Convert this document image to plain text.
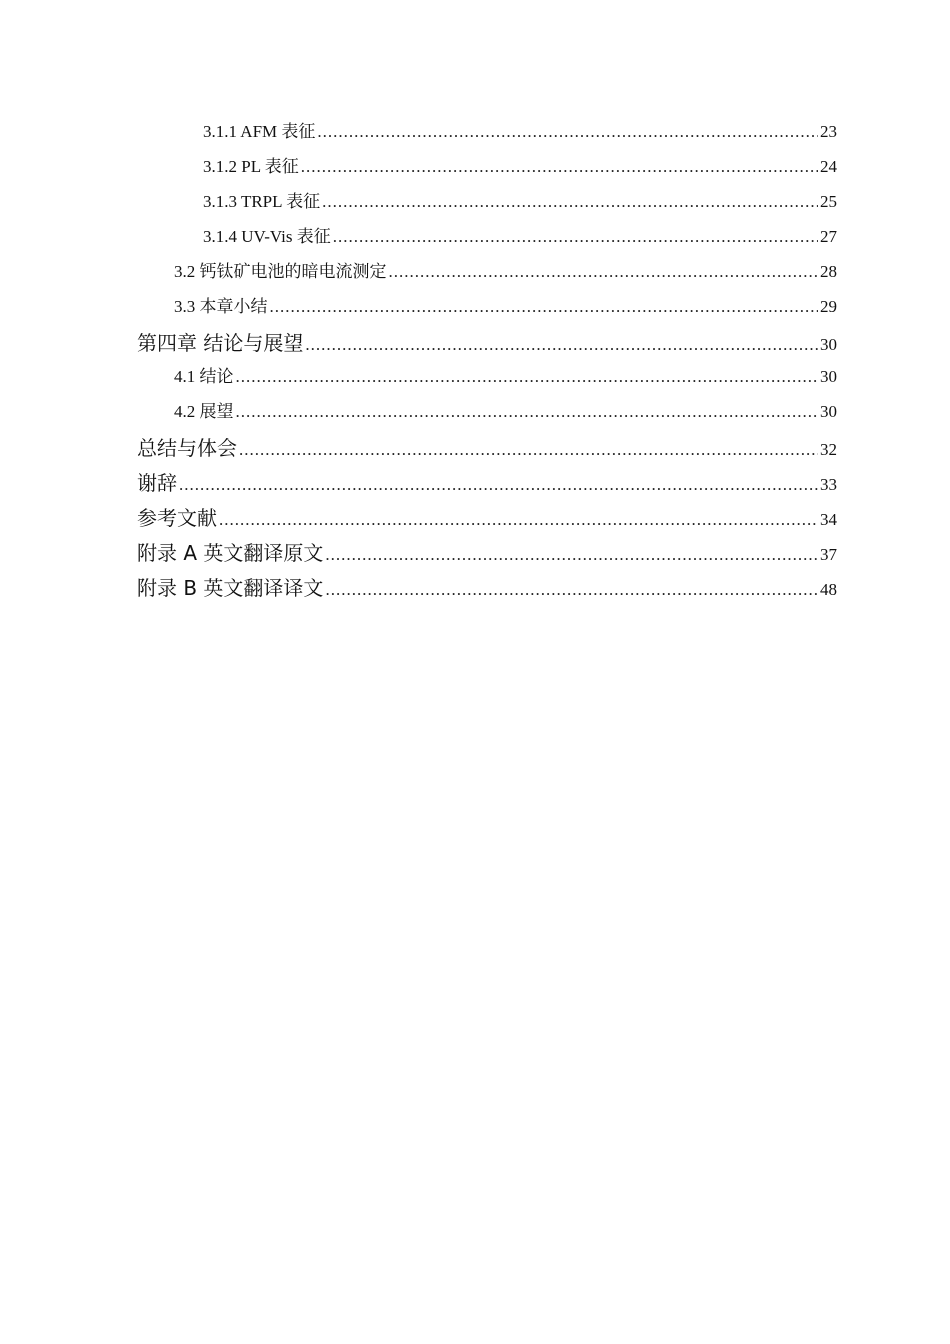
3.1.1 AFM 表征 .....	23
3.1.2 PL 表征 .....	24
3.1.3 TRPL 表征 .....	25
3.1.4 UV-Vis 表征 .....	27
3.2 钙钛矿电池的暗电流测定 .....	28
3.3 本章小结 .....	29
第四章 结论与展望 .....	30
4.1 结论 .....	30
4.2 展望 .....	30
总结与体会 .....	32
谢辞 .....	33
参考文献 .....	34
附录 A 英文翻译原文 .....	37
附录 B 英文翻译译文 .....	48
